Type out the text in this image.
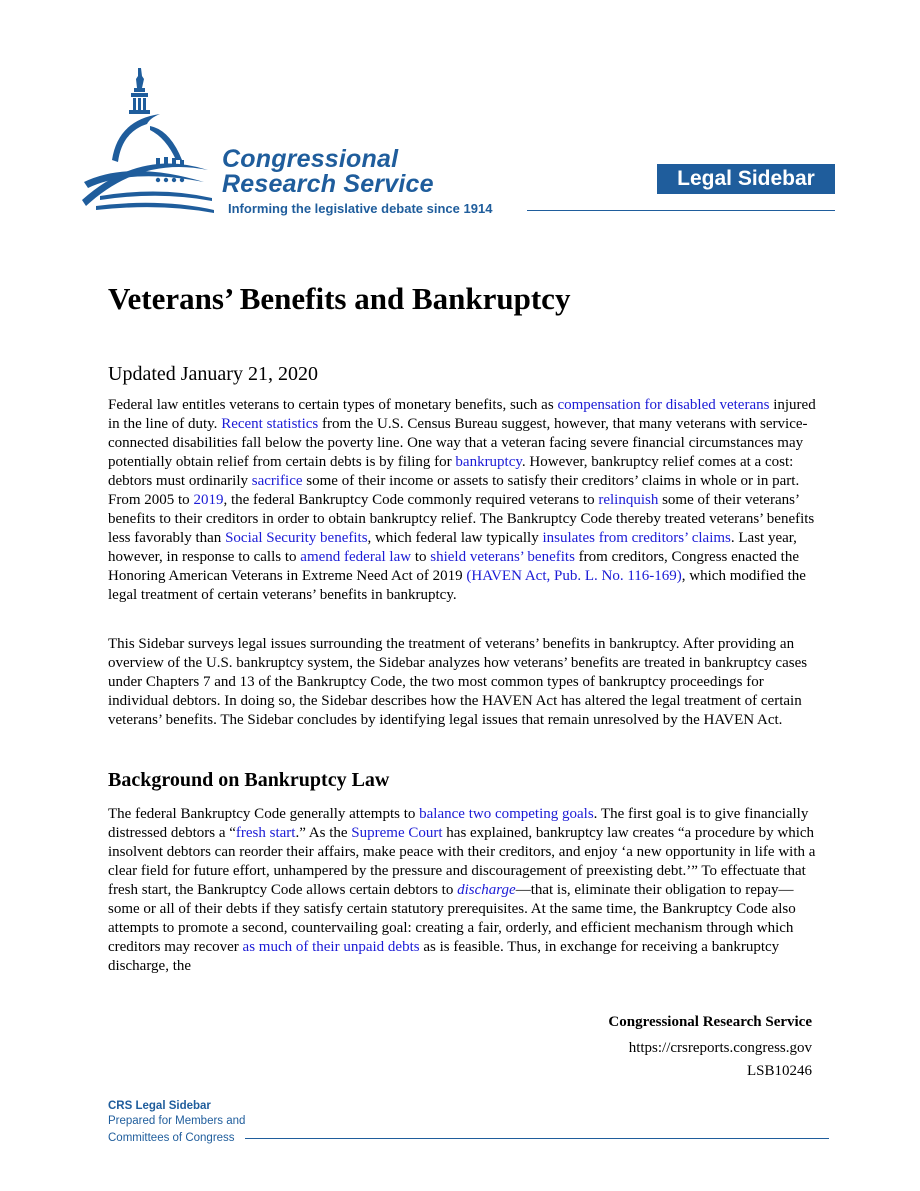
Congressional
Research Service
Informing the legislative debate since 1914
Legal Sidebar
Veterans’ Benefits and Bankruptcy
Updated January 21, 2020

Federal law entitles veterans to certain types of monetary benefits, such as compensation for disabled veterans injured in the line of duty. Recent statistics from the U.S. Census Bureau suggest, however, that many veterans with service-connected disabilities fall below the poverty line. One way that a veteran facing severe financial circumstances may potentially obtain relief from certain debts is by filing for bankruptcy. However, bankruptcy relief comes at a cost: debtors must ordinarily sacrifice some of their income or assets to satisfy their creditors’ claims in whole or in part. From 2005 to 2019, the federal Bankruptcy Code commonly required veterans to relinquish some of their veterans’ benefits to their creditors in order to obtain bankruptcy relief. The Bankruptcy Code thereby treated veterans’ benefits less favorably than Social Security benefits, which federal law typically insulates from creditors’ claims. Last year, however, in response to calls to amend federal law to shield veterans’ benefits from creditors, Congress enacted the Honoring American Veterans in Extreme Need Act of 2019 (HAVEN Act, Pub. L. No. 116-169), which modified the legal treatment of certain veterans’ benefits in bankruptcy.

This Sidebar surveys legal issues surrounding the treatment of veterans’ benefits in bankruptcy. After providing an overview of the U.S. bankruptcy system, the Sidebar analyzes how veterans’ benefits are treated in bankruptcy cases under Chapters 7 and 13 of the Bankruptcy Code, the two most common types of bankruptcy proceedings for individual debtors. In doing so, the Sidebar describes how the HAVEN Act has altered the legal treatment of certain veterans’ benefits. The Sidebar concludes by identifying legal issues that remain unresolved by the HAVEN Act.

Background on Bankruptcy Law

The federal Bankruptcy Code generally attempts to balance two competing goals. The first goal is to give financially distressed debtors a “fresh start.” As the Supreme Court has explained, bankruptcy law creates “a procedure by which insolvent debtors can reorder their affairs, make peace with their creditors, and enjoy ‘a new opportunity in life with a clear field for future effort, unhampered by the pressure and discouragement of preexisting debt.’” To effectuate that fresh start, the Bankruptcy Code allows certain debtors to discharge—that is, eliminate their obligation to repay—some or all of their debts if they satisfy certain statutory prerequisites. At the same time, the Bankruptcy Code also attempts to promote a second, countervailing goal: creating a fair, orderly, and efficient mechanism through which creditors may recover as much of their unpaid debts as is feasible. Thus, in exchange for receiving a bankruptcy discharge, the

Congressional Research Service
https://crsreports.congress.gov
LSB10246
CRS Legal Sidebar
Prepared for Members and
Committees of Congress
